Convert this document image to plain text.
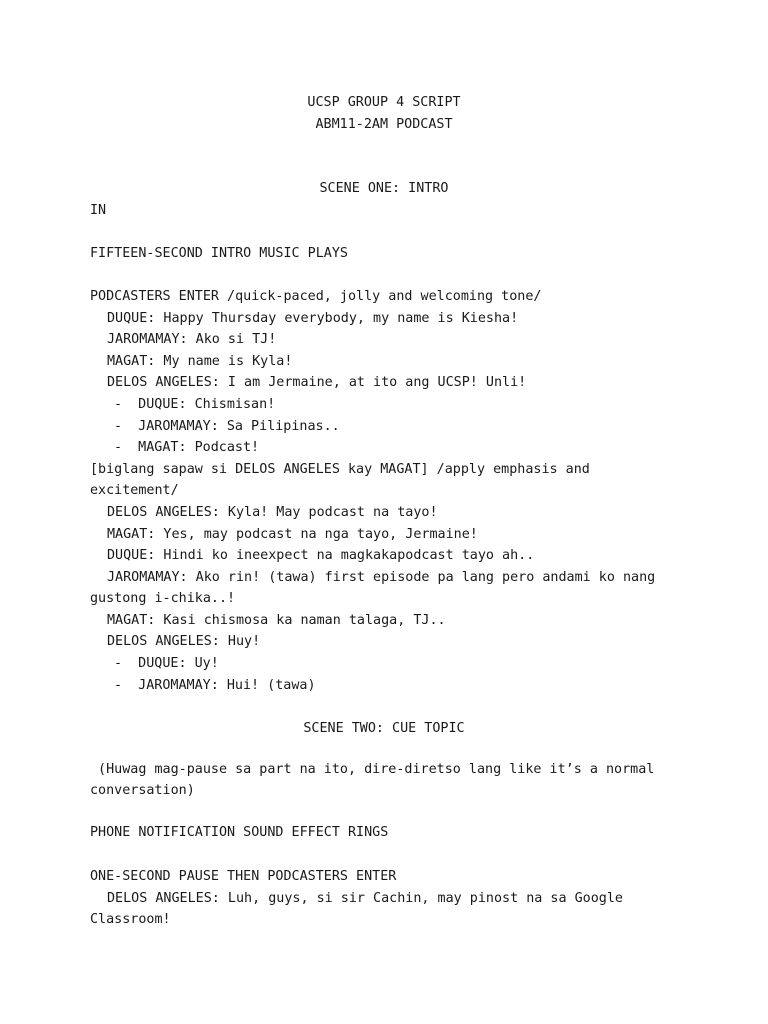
UCSP GROUP 4 SCRIPT

ABM11-2AM PODCAST

SCENE ONE: INTRO

IN

FIFTEEN-SECOND INTRO MUSIC PLAYS

PODCASTERS ENTER /quick-paced, jolly and welcoming tone/

DUQUE: Happy Thursday everybody, my name is Kiesha!

JAROMAMAY: Ako si TJ!

MAGAT: My name is Kyla!

DELOS ANGELES: I am Jermaine, at ito ang UCSP! Unli!

-  DUQUE: Chismisan!

-  JAROMAMAY: Sa Pilipinas..

-  MAGAT: Podcast!

[biglang sapaw si DELOS ANGELES kay MAGAT] /apply emphasis and

excitement/

DELOS ANGELES: Kyla! May podcast na tayo!

MAGAT: Yes, may podcast na nga tayo, Jermaine!

DUQUE: Hindi ko ineexpect na magkakapodcast tayo ah..

JAROMAMAY: Ako rin! (tawa) first episode pa lang pero andami ko nang

gustong i-chika..!

MAGAT: Kasi chismosa ka naman talaga, TJ..

DELOS ANGELES: Huy!

-  DUQUE: Uy!

-  JAROMAMAY: Hui! (tawa)

SCENE TWO: CUE TOPIC

(Huwag mag-pause sa part na ito, dire-diretso lang like it’s a normal

conversation)

PHONE NOTIFICATION SOUND EFFECT RINGS

ONE-SECOND PAUSE THEN PODCASTERS ENTER

DELOS ANGELES: Luh, guys, si sir Cachin, may pinost na sa Google

Classroom!
